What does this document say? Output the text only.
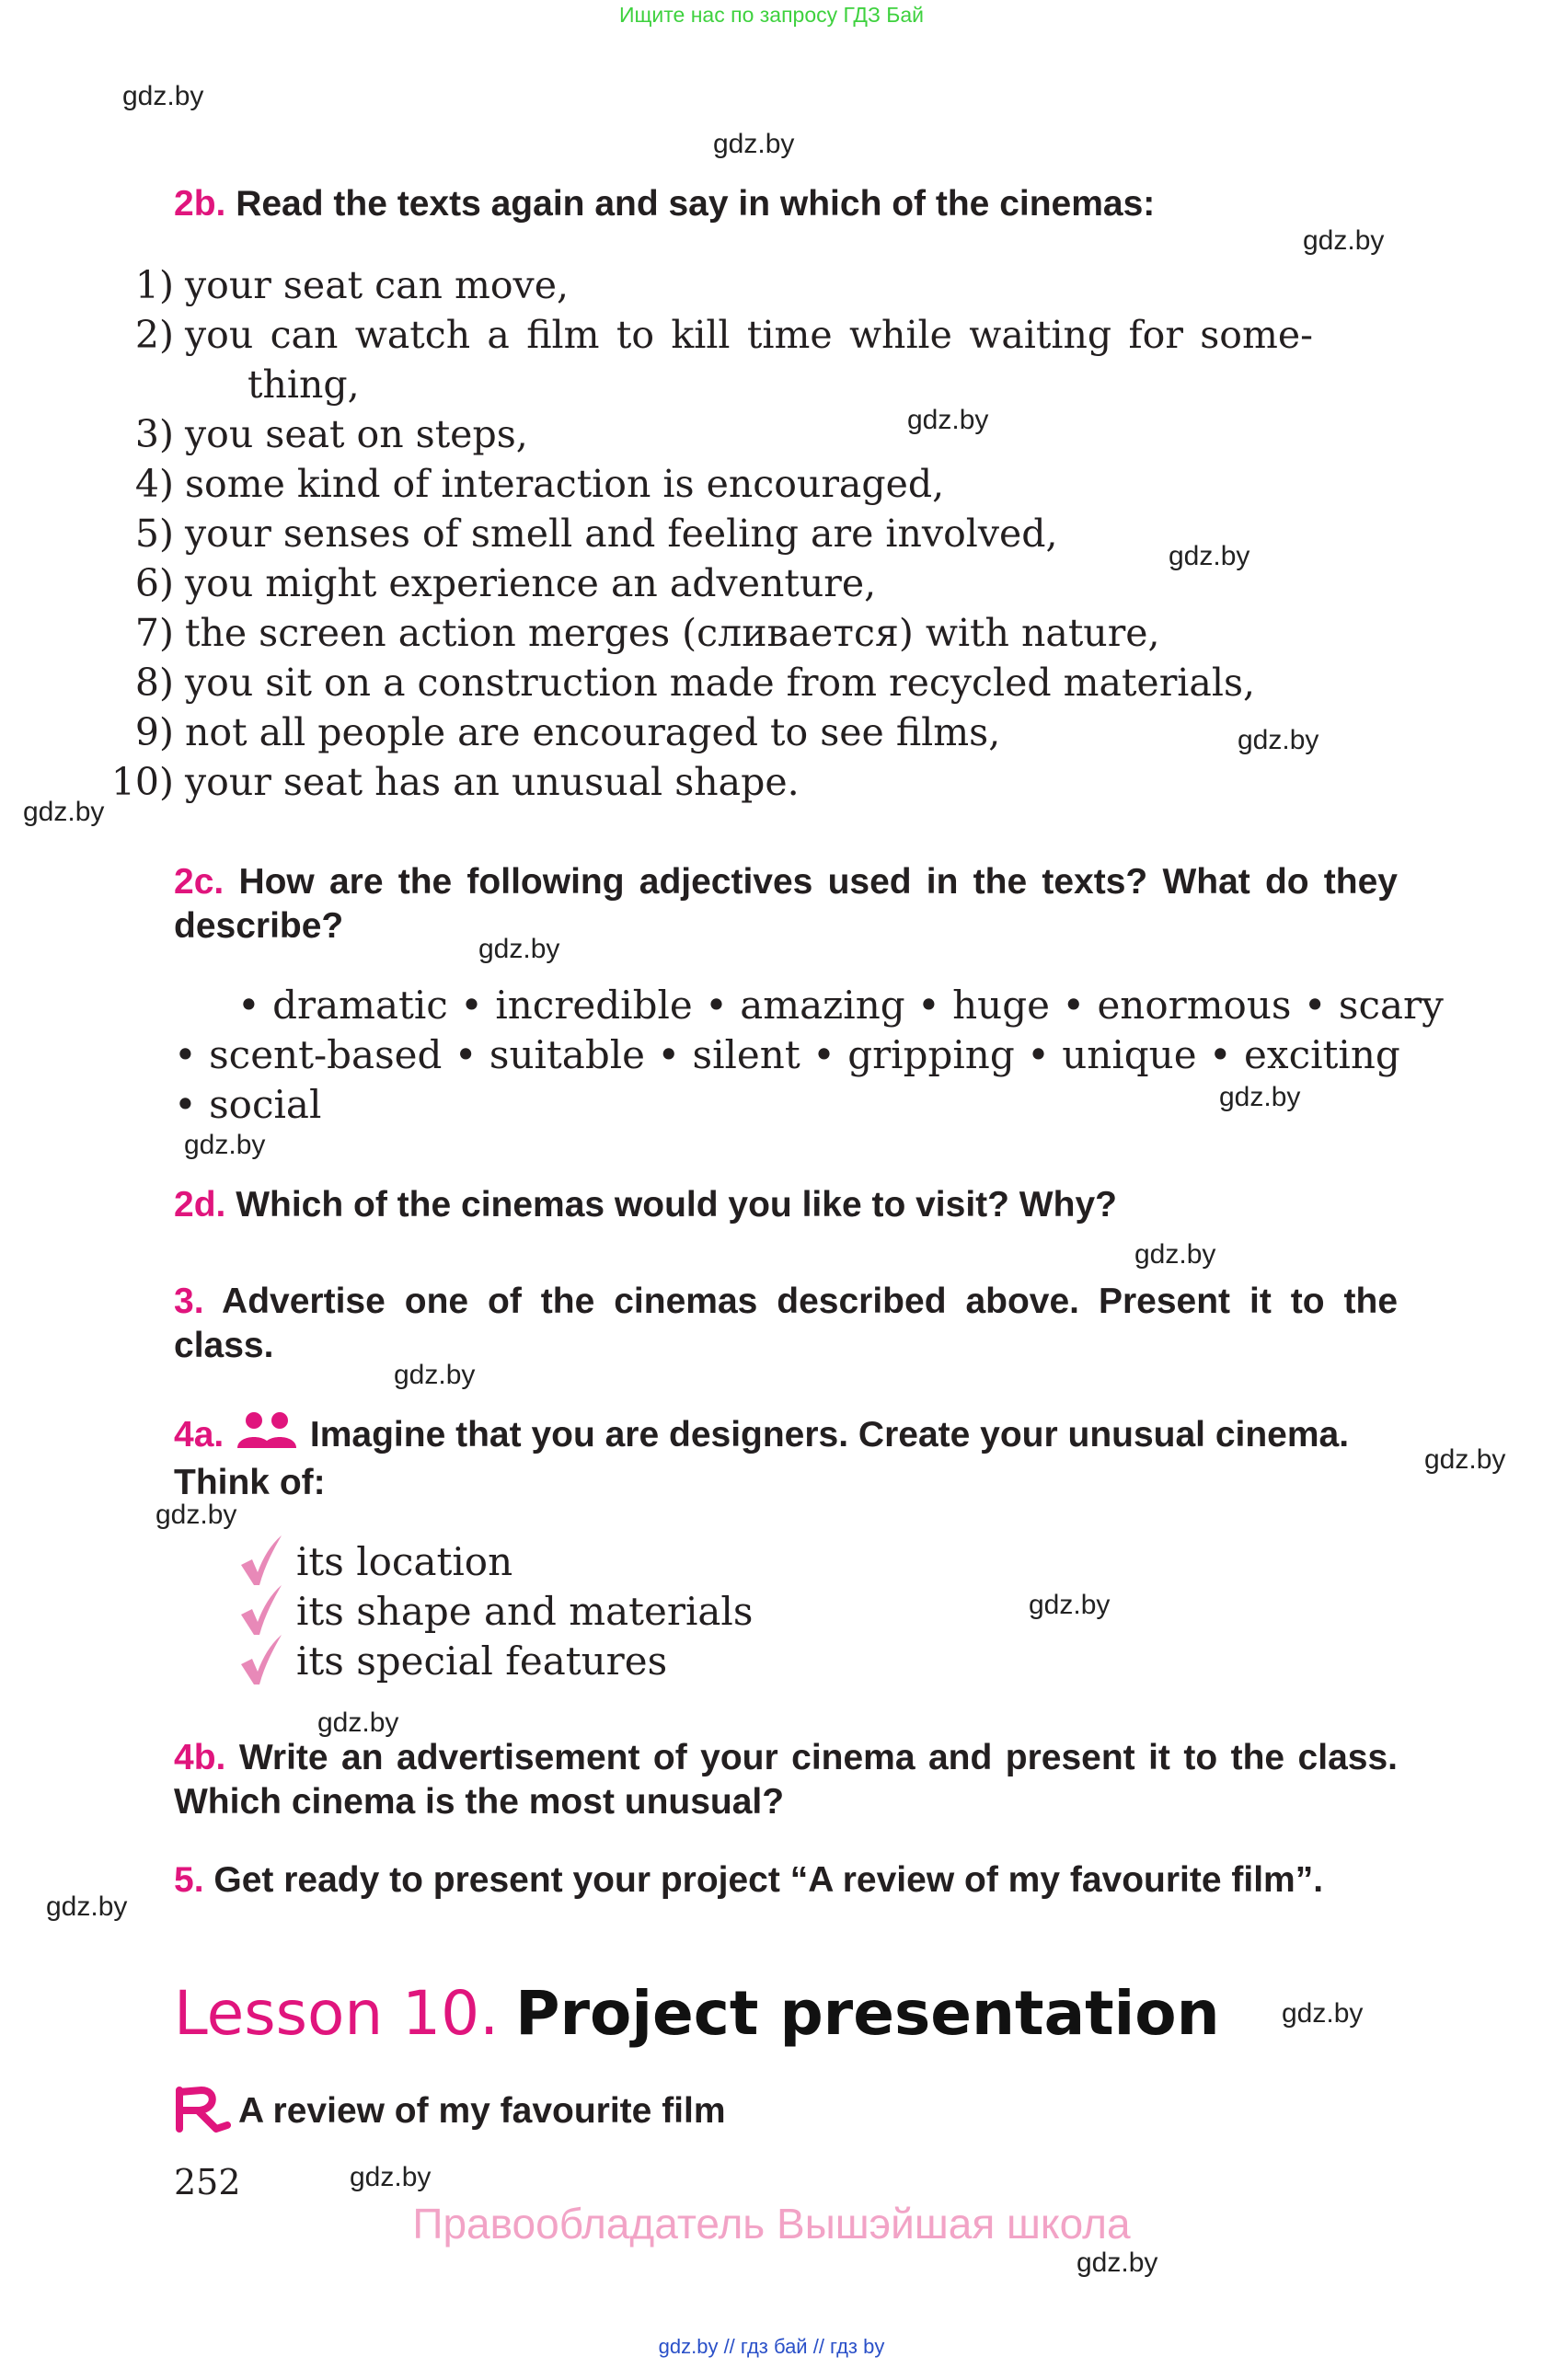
Ищите нас по запросу ГДЗ Бай
gdz.by
gdz.by
gdz.by
gdz.by
gdz.by
gdz.by
gdz.by
gdz.by
gdz.by
gdz.by
gdz.by
gdz.by
gdz.by
gdz.by
gdz.by
gdz.by
gdz.by
gdz.by
gdz.by
gdz.by
2b. Read the texts again and say in which of the cinemas:
1) your seat can move,
2) you can watch a film to kill time while waiting for some-
thing,
3) you seat on steps,
4) some kind of interaction is encouraged,
5) your senses of smell and feeling are involved,
6) you might experience an adventure,
7) the screen action merges (сливается) with nature,
8) you sit on a construction made from recycled materials,
9) not all people are encouraged to see films,
10) your seat has an unusual shape.
2c. How are the following adjectives used in the texts? What do they describe?
• dramatic • incredible • amazing • huge • enormous • scary
• scent-based • suitable • silent • gripping • unique • exciting
• social
2d. Which of the cinemas would you like to visit? Why?
3. Advertise one of the cinemas described above. Present it to the class.
4a. Imagine that you are designers. Create your unusual cinema. Think of:
its location
its shape and materials
its special features
4b. Write an advertisement of your cinema and present it to the class. Which cinema is the most unusual?
5. Get ready to present your project “A review of my favourite film”.
Lesson 10. Project presentation
A review of my favourite film
252
Правообладатель Вышэйшая школа
gdz.by // гдз бай // гдз by
